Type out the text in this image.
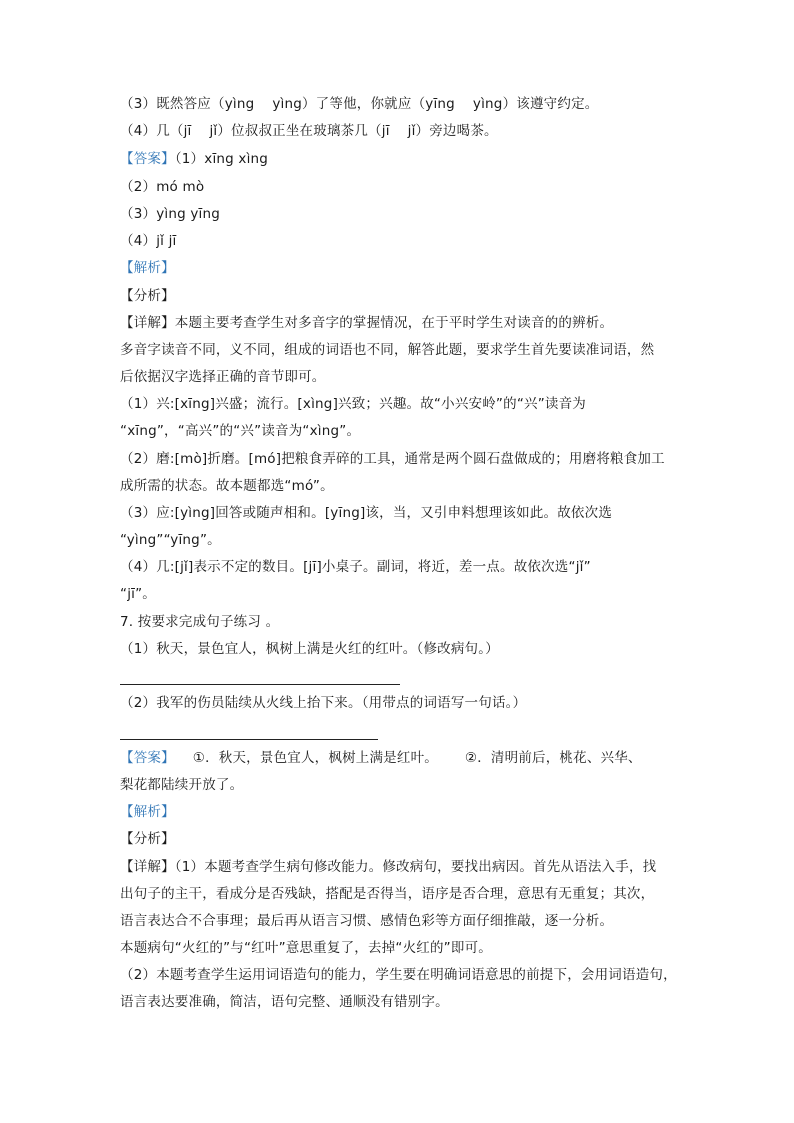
（3）既然答应（yìng    yìng）了等他，你就应（yīng    yìng）该遵守约定。

（4）几（jī    jǐ）位叔叔正坐在玻璃茶几（jī    jǐ）旁边喝茶。

【答案】（1）xīng xìng

（2）mó mò

（3）yìng yīng

（4）jǐ jī

【解析】

【分析】

【详解】本题主要考查学生对多音字的掌握情况，在于平时学生对读音的的辨析。

多音字读音不同，义不同，组成的词语也不同，解答此题，要求学生首先要读准词语，然

后依据汉字选择正确的音节即可。

（1）兴:[xīng]兴盛；流行。[xìng]兴致；兴趣。故“小兴安岭”的“兴”读音为

“xīng”，“高兴”的“兴”读音为“xìng”。

（2）磨:[mò]折磨。[mó]把粮食弄碎的工具，通常是两个圆石盘做成的；用磨将粮食加工

成所需的状态。故本题都选“mó”。

（3）应:[yìng]回答或随声相和。[yīng]该，当，又引申料想理该如此。故依次选

“yìng”“yīng”。

（4）几:[jǐ]表示不定的数目。[jī]小桌子。副词，将近，差一点。故依次选“jǐ”

“jī”。

7. 按要求完成句子练习 。

（1）秋天，景色宜人，枫树上满是火红的红叶。（修改病句。）

（2）我军的伤员陆续从火线上抬下来。（用带点的词语写一句话。）

【答案】    ①．秋天，景色宜人，枫树上满是红叶。      ②．清明前后，桃花、兴华、

梨花都陆续开放了。

【解析】

【分析】

【详解】（1）本题考查学生病句修改能力。修改病句，要找出病因。首先从语法入手，找

出句子的主干，看成分是否残缺，搭配是否得当，语序是否合理，意思有无重复；其次，

语言表达合不合事理；最后再从语言习惯、感情色彩等方面仔细推敲，逐一分析。

本题病句“火红的”与“红叶”意思重复了，去掉“火红的”即可。

（2）本题考查学生运用词语造句的能力，学生要在明确词语意思的前提下，会用词语造句，

语言表达要准确，简洁，语句完整、通顺没有错别字。
